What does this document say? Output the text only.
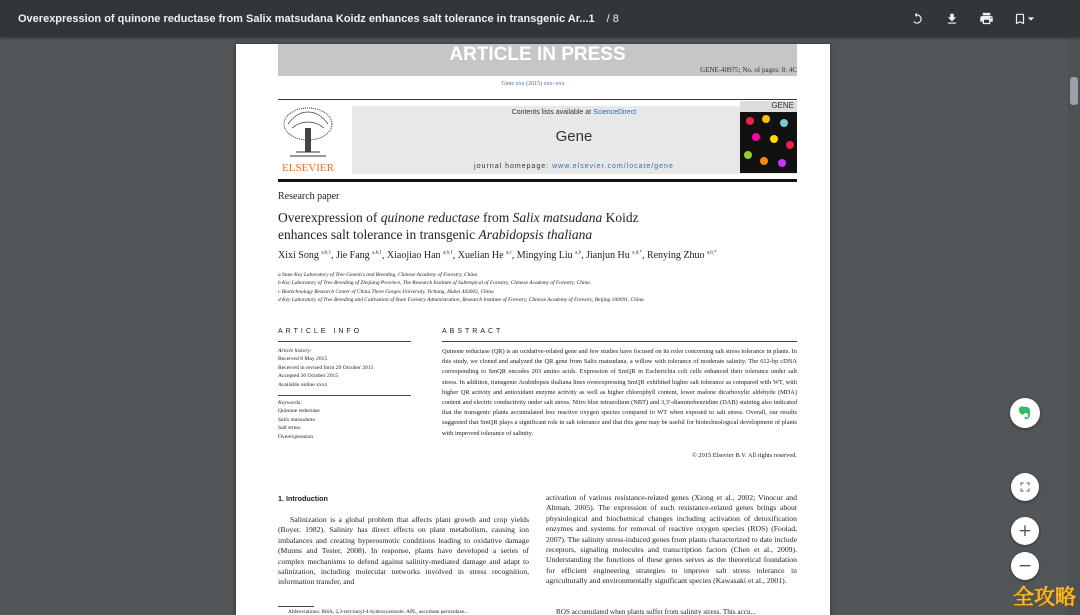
Overexpression of quinone reductase from Salix matsudana Koidz enhances salt tolerance in transgenic Ar...1 / 8
ARTICLE IN PRESS
GENE-40975; No. of pages: 8; 4C
Gene xxx (2015) xxx–xxx
ELSEVIER
Contents lists available at ScienceDirect
Gene
journal homepage: www.elsevier.com/locate/gene
GENE
Research paper
Overexpression of quinone reductase from Salix matsudana Koidz
enhances salt tolerance in transgenic Arabidopsis thaliana
Xixi Song $^{a,b,1}$, Jie Fang $^{a,b,1}$, Xiaojiao Han $^{a,b,1}$, Xuelian He $^{a,c}$, Mingying Liu $^{a,b}$, Jianjun Hu $^{a,d,*}$, Renying Zhuo $^{a,b,*}$
a State Key Laboratory of Tree Genetics and Breeding, Chinese Academy of Forestry, China
b Key Laboratory of Tree Breeding of Zhejiang Province, The Research Institute of Subtropical of Forestry, Chinese Academy of Forestry, China
c Biotechnology Research Center of China Three Gorges University, Yichang, Hubei 443002, China
d Key Laboratory of Tree Breeding and Cultivation of State Forestry Administration, Research Institute of Forestry, Chinese Academy of Forestry, Beijing 100091, China
ARTICLE INFO	ABSTRACT
Article history:
Received 8 May 2015
Received in revised form 29 October 2015
Accepted 30 October 2015
Available online xxxx
Keywords:
Quinone reductase
Salix matsudana
Salt stress
Overexpression
Quinone reductase (QR) is an oxidative-related gene and few studies have focused on its roles concerning salt stress tolerance in plants. In this study, we cloned and analyzed the QR gene from Salix matsudana, a willow with tolerance of moderate salinity. The 612-bp cDNA corresponding to SmQR encodes 203 amino acids. Expression of SmQR in Escherichia coli cells enhanced their tolerance under salt stress. In addition, transgenic Arabidopsis thaliana lines overexpressing SmQR exhibited higher salt tolerance as compared with WT, with higher QR activity and antioxidant enzyme activity as well as higher chlorophyll content, lower malone dicarboxylic aldehyde (MDA) content and electric conductivity under salt stress. Nitro blue tetrazolium (NBT) and 3,3′-diaminobenzidine (DAB) staining also indicated that the transgenic plants accumulated less reactive oxygen species compared to WT when exposed to salt stress. Overall, our results suggested that SmQR plays a significant role in salt tolerance and that this gene may be useful for biotechnological development of plants with improved tolerance of salinity.
© 2015 Elsevier B.V. All rights reserved.
1. Introduction
Salinization is a global problem that affects plant growth and crop yields (Boyer, 1982). Salinity has direct effects on plant metabolism, causing ion imbalances and creating hyperosmotic conditions leading to oxidative damage (Munns and Tester, 2008). In response, plants have developed a series of complex mechanisms to defend against salinity-mediated damage and adapt to salinization, including molecular networks involved in stress recognition, information transfer, and
activation of various resistance-related genes (Xiong et al., 2002; Vinocur and Altman, 2005). The expression of such resistance-related genes brings about physiological and biochemical changes including activation of detoxification enzymes and systems for removal of reactive oxygen species (ROS) (Foolad, 2007). The salinity stress-induced genes from plants characterized to date include receptors, signaling molecules and transcription factors (Chen et al., 2009). Understanding the functions of these genes serves as the theoretical foundation for efficient engineering strategies to improve salt stress tolerance in agriculturally and environmentally significant species (Kawasaki et al., 2001).
Abbreviations: BHA, 2,3-tert-butyl-4-hydroxyanisole; APL, ascorbate peroxidase...	ROS accumulated when plants suffer from salinity stress. This accu...
+
−
全攻略
